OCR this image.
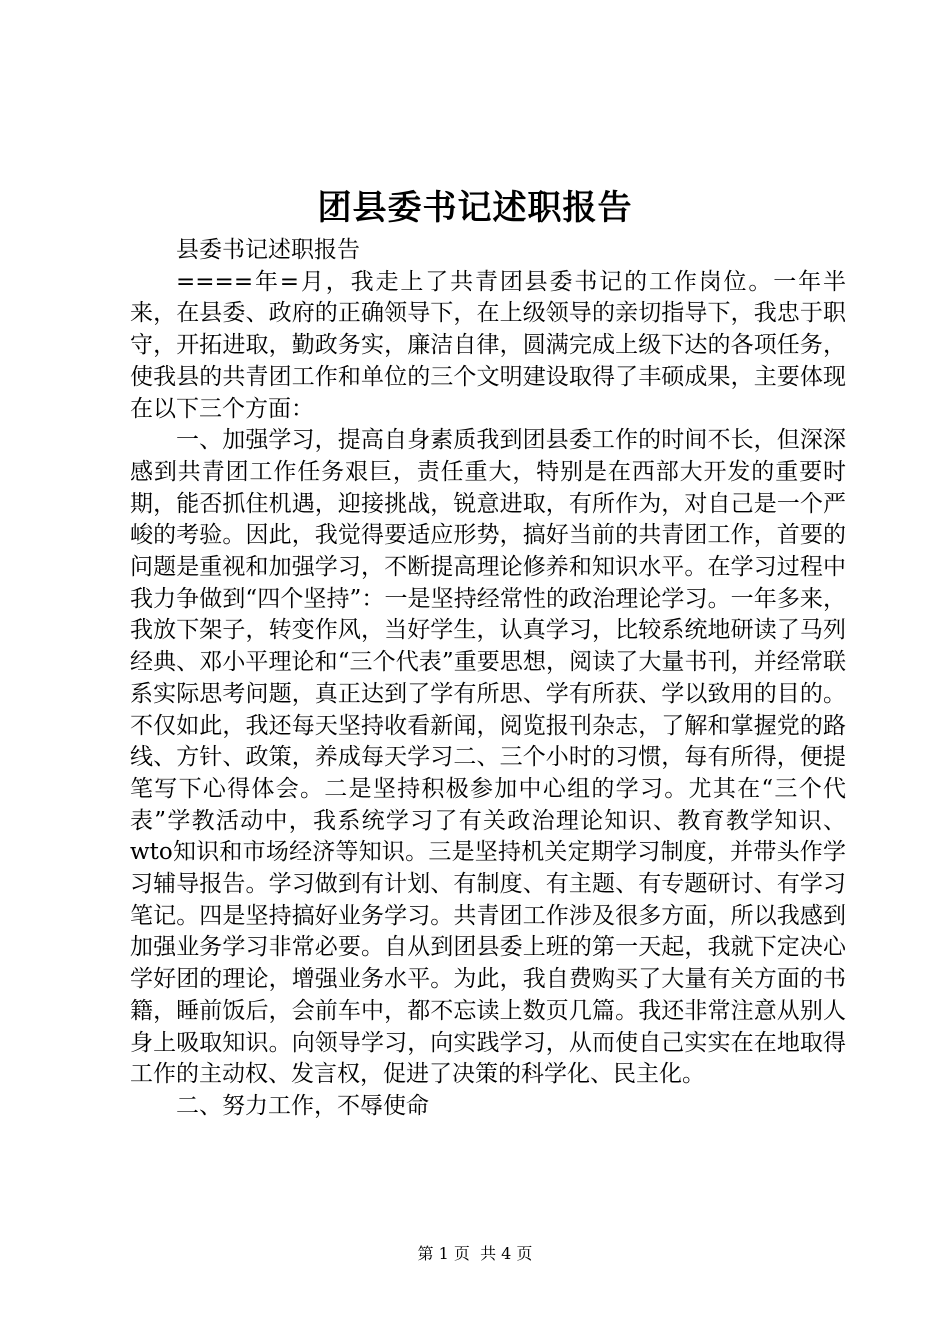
团县委书记述职报告

县委书记述职报告

====年=月，我走上了共青团县委书记的工作岗位。一年半来，在县委、政府的正确领导下，在上级领导的亲切指导下，我忠于职守，开拓进取，勤政务实，廉洁自律，圆满完成上级下达的各项任务，使我县的共青团工作和单位的三个文明建设取得了丰硕成果，主要体现在以下三个方面：

一、加强学习，提高自身素质我到团县委工作的时间不长，但深深感到共青团工作任务艰巨，责任重大，特别是在西部大开发的重要时期，能否抓住机遇，迎接挑战，锐意进取，有所作为，对自己是一个严峻的考验。因此，我觉得要适应形势，搞好当前的共青团工作，首要的问题是重视和加强学习，不断提高理论修养和知识水平。在学习过程中我力争做到“四个坚持”：一是坚持经常性的政治理论学习。一年多来，我放下架子，转变作风，当好学生，认真学习，比较系统地研读了马列经典、邓小平理论和“三个代表”重要思想，阅读了大量书刊，并经常联系实际思考问题，真正达到了学有所思、学有所获、学以致用的目的。不仅如此，我还每天坚持收看新闻，阅览报刊杂志，了解和掌握党的路线、方针、政策，养成每天学习二、三个小时的习惯，每有所得，便提笔写下心得体会。二是坚持积极参加中心组的学习。尤其在“三个代表”学教活动中，我系统学习了有关政治理论知识、教育教学知识、wto知识和市场经济等知识。三是坚持机关定期学习制度，并带头作学习辅导报告。学习做到有计划、有制度、有主题、有专题研讨、有学习笔记。四是坚持搞好业务学习。共青团工作涉及很多方面，所以我感到加强业务学习非常必要。自从到团县委上班的第一天起，我就下定决心学好团的理论，增强业务水平。为此，我自费购买了大量有关方面的书籍，睡前饭后，会前车中，都不忘读上数页几篇。我还非常注意从别人身上吸取知识。向领导学习，向实践学习，从而使自己实实在在地取得工作的主动权、发言权，促进了决策的科学化、民主化。

二、努力工作，不辱使命

第 1 页  共 4 页
